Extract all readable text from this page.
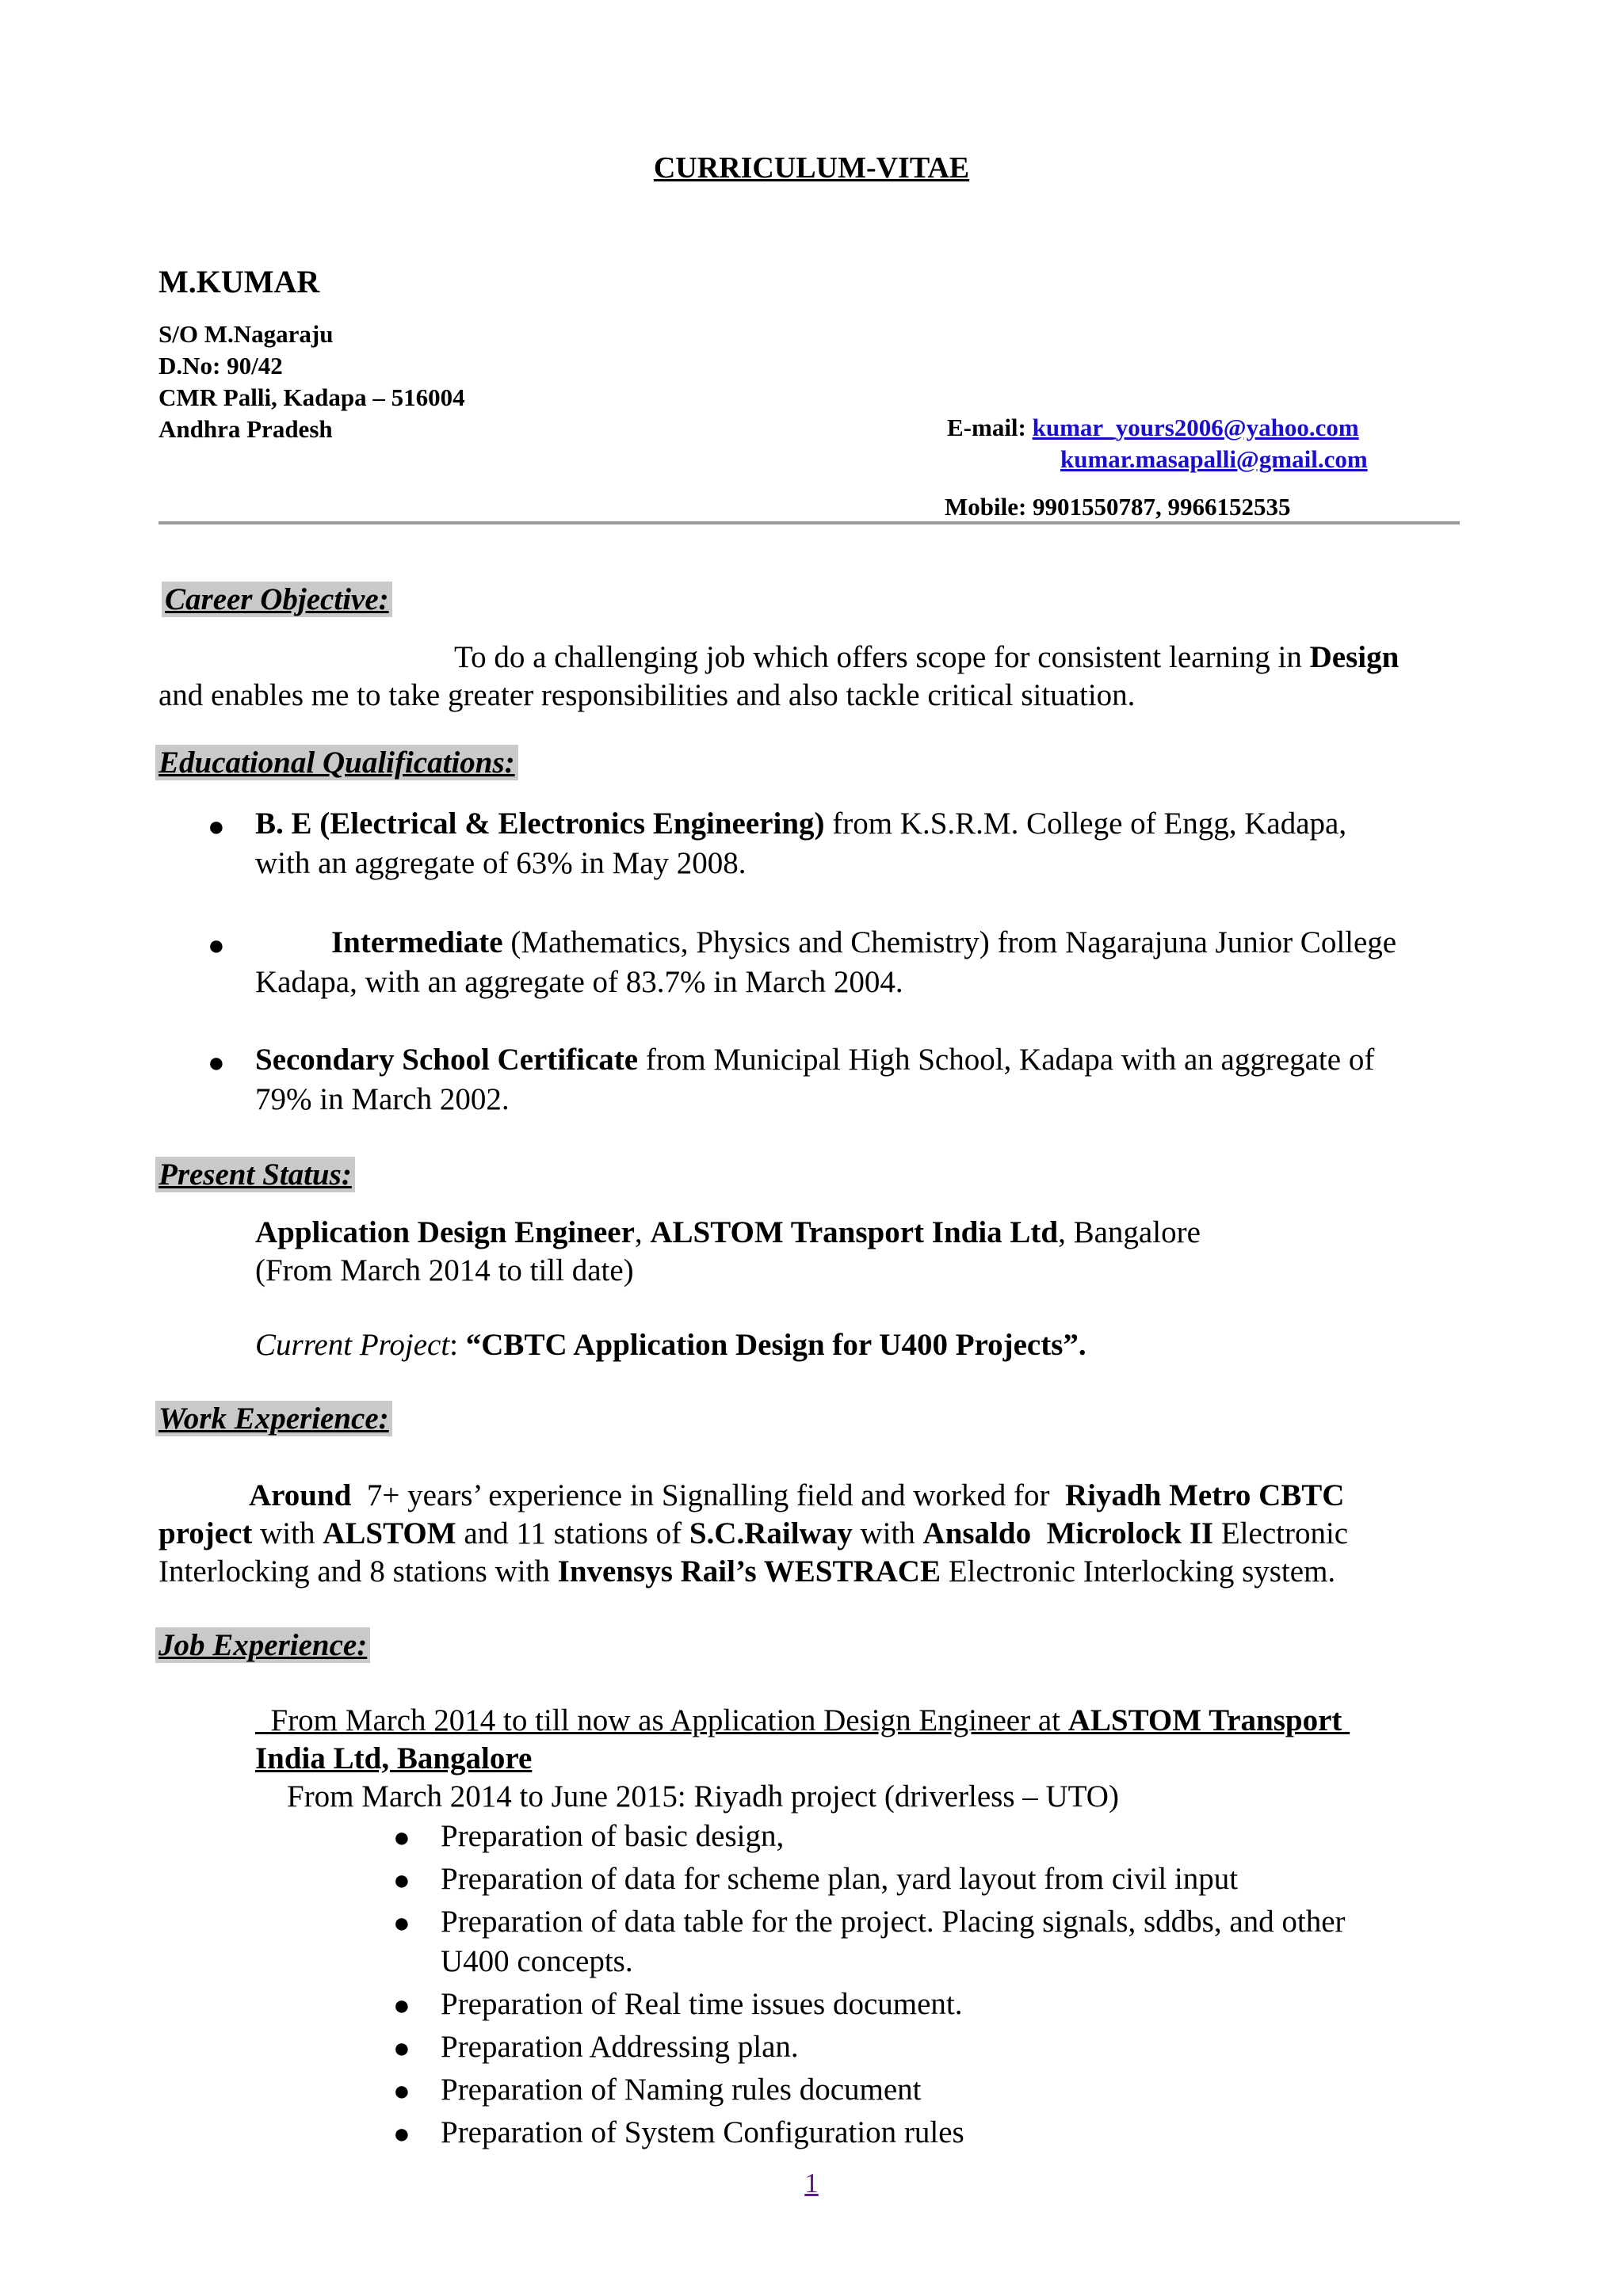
CURRICULUM-VITAE
M.KUMAR
S/O M.Nagaraju
D.No: 90/42
CMR Palli, Kadapa – 516004
Andhra Pradesh	E-mail: kumar_yours2006@yahoo.com
kumar.masapalli@gmail.com
Mobile: 9901550787, 9966152535
Career Objective:
To do a challenging job which offers scope for consistent learning in Design
and enables me to take greater responsibilities and also tackle critical situation.
Educational Qualifications:
● B. E (Electrical & Electronics Engineering) from K.S.R.M. College of Engg, Kadapa,
with an aggregate of 63% in May 2008.
●	Intermediate (Mathematics, Physics and Chemistry) from Nagarajuna Junior College
Kadapa, with an aggregate of 83.7% in March 2004.
● Secondary School Certificate from Municipal High School, Kadapa with an aggregate of
79% in March 2002.
Present Status:
Application Design Engineer, ALSTOM Transport India Ltd, Bangalore
(From March 2014 to till date)
Current Project: “CBTC Application Design for U400 Projects”.
Work Experience:
Around  7+ years’ experience in Signalling field and worked for  Riyadh Metro CBTC
project with ALSTOM and 11 stations of S.C.Railway with Ansaldo  Microlock II Electronic
Interlocking and 8 stations with Invensys Rail’s WESTRACE Electronic Interlocking system.
Job Experience:
From March 2014 to till now as Application Design Engineer at ALSTOM Transport
India Ltd, Bangalore
From March 2014 to June 2015: Riyadh project (driverless – UTO)
● Preparation of basic design,
● Preparation of data for scheme plan, yard layout from civil input
● Preparation of data table for the project. Placing signals, sddbs, and other
U400 concepts.
● Preparation of Real time issues document.
● Preparation Addressing plan.
● Preparation of Naming rules document
● Preparation of System Configuration rules
1
